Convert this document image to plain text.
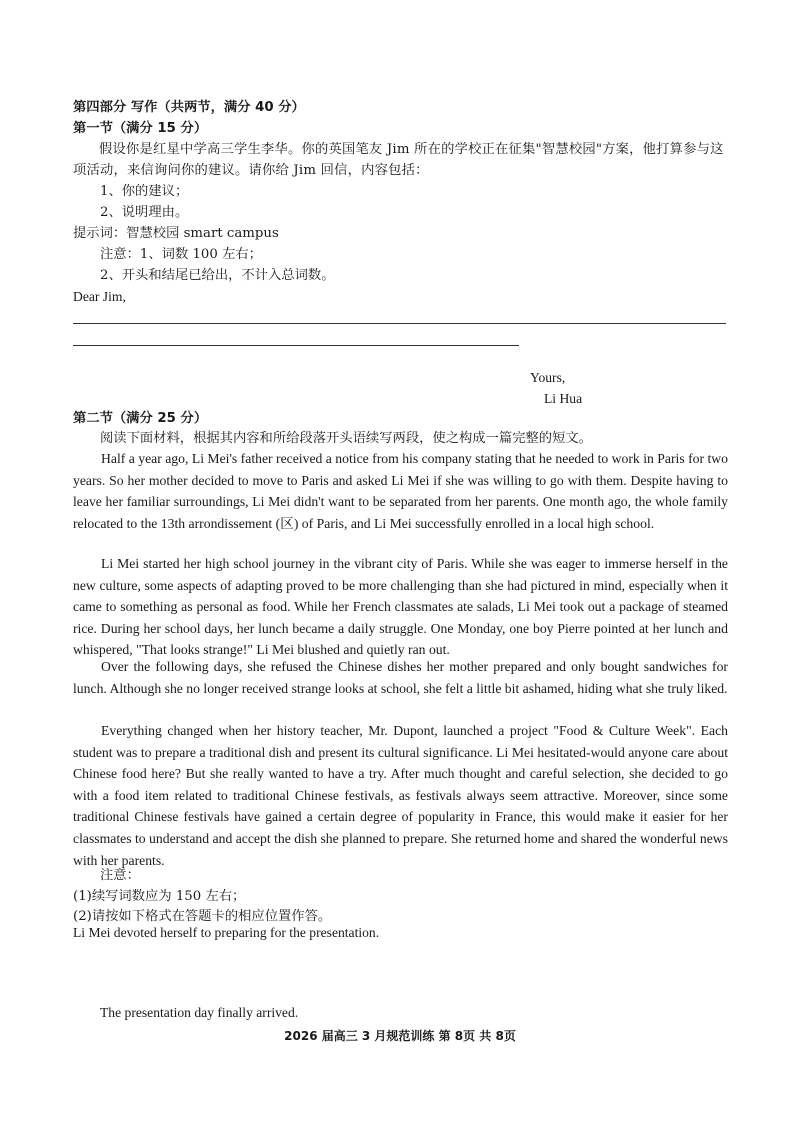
第四部分 写作（共两节，满分 40 分）
第一节（满分 15 分）
假设你是红星中学高三学生李华。你的英国笔友 Jim 所在的学校正在征集"智慧校园"方案，他打算参与这项活动，来信询问你的建议。请你给 Jim 回信，内容包括：
1、你的建议；
2、说明理由。
提示词：智慧校园 smart campus
注意：1、词数 100 左右；
2、开头和结尾已给出，不计入总词数。
Dear Jim,
Yours,
Li Hua
第二节（满分 25 分）
阅读下面材料，根据其内容和所给段落开头语续写两段，使之构成一篇完整的短文。

Half a year ago, Li Mei's father received a notice from his company stating that he needed to work in Paris for two years. So her mother decided to move to Paris and asked Li Mei if she was willing to go with them. Despite having to leave her familiar surroundings, Li Mei didn't want to be separated from her parents. One month ago, the whole family relocated to the 13th arrondissement (区) of Paris, and Li Mei successfully enrolled in a local high school.

Li Mei started her high school journey in the vibrant city of Paris. While she was eager to immerse herself in the new culture, some aspects of adapting proved to be more challenging than she had pictured in mind, especially when it came to something as personal as food. While her French classmates ate salads, Li Mei took out a package of steamed rice. During her school days, her lunch became a daily struggle. One Monday, one boy Pierre pointed at her lunch and whispered, "That looks strange!" Li Mei blushed and quietly ran out.

Over the following days, she refused the Chinese dishes her mother prepared and only bought sandwiches for lunch. Although she no longer received strange looks at school, she felt a little bit ashamed, hiding what she truly liked.

Everything changed when her history teacher, Mr. Dupont, launched a project "Food & Culture Week". Each student was to prepare a traditional dish and present its cultural significance. Li Mei hesitated-would anyone care about Chinese food here? But she really wanted to have a try. After much thought and careful selection, she decided to go with a food item related to traditional Chinese festivals, as festivals always seem attractive. Moreover, since some traditional Chinese festivals have gained a certain degree of popularity in France, this would make it easier for her classmates to understand and accept the dish she planned to prepare. She returned home and shared the wonderful news with her parents.

注意：
(1)续写词数应为 150 左右；
(2)请按如下格式在答题卡的相应位置作答。
Li Mei devoted herself to preparing for the presentation.
The presentation day finally arrived.
2026 届高三 3 月规范训练 第 8页 共 8页
